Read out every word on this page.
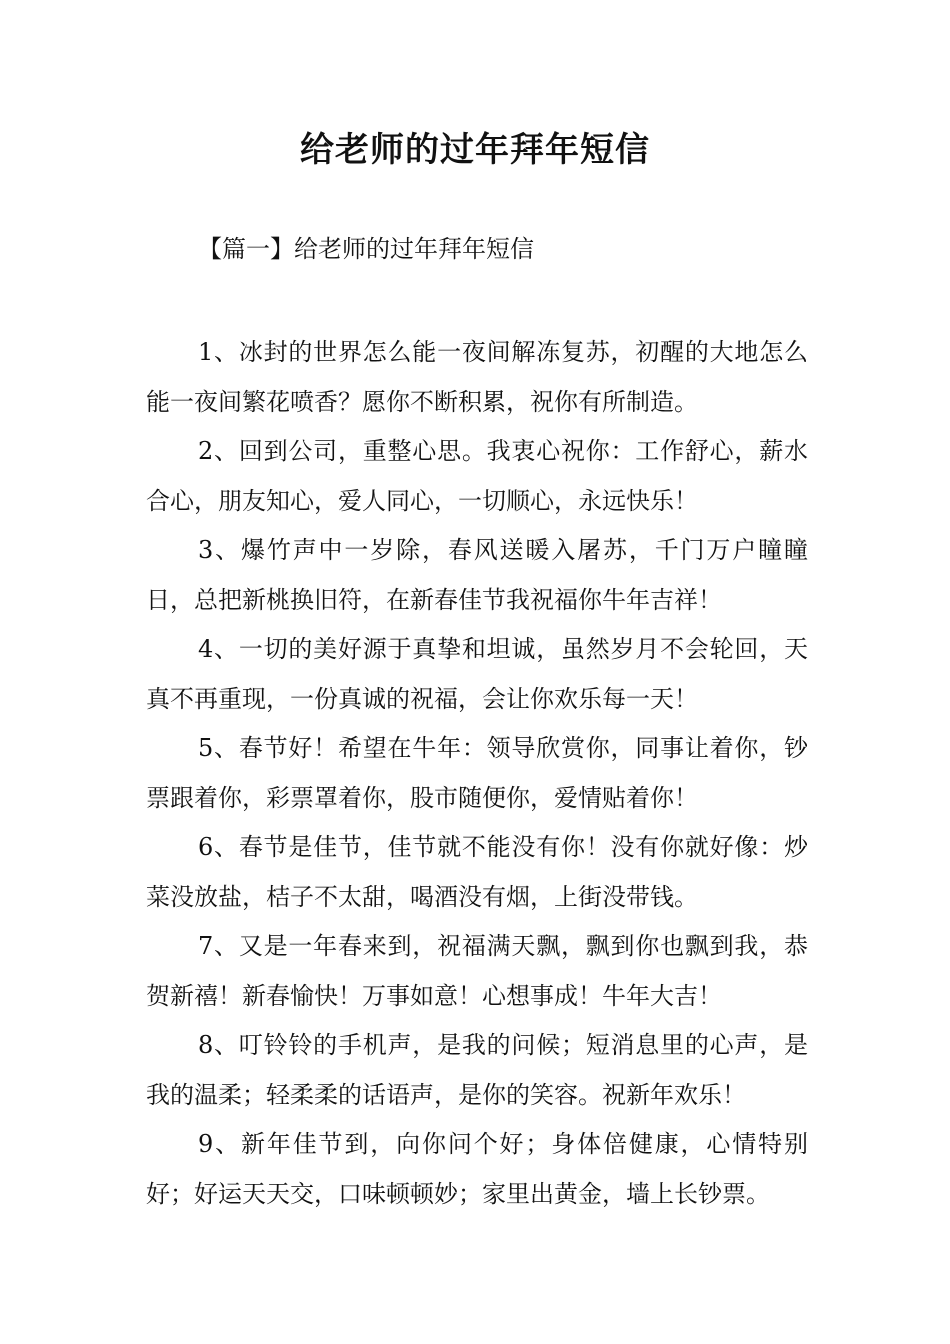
给老师的过年拜年短信
【篇一】给老师的过年拜年短信

1、冰封的世界怎么能一夜间解冻复苏，初醒的大地怎么能一夜间繁花喷香？愿你不断积累，祝你有所制造。

2、回到公司，重整心思。我衷心祝你：工作舒心，薪水合心，朋友知心，爱人同心，一切顺心，永远快乐！

3、爆竹声中一岁除，春风送暖入屠苏，千门万户瞳瞳日，总把新桃换旧符，在新春佳节我祝福你牛年吉祥！

4、一切的美好源于真挚和坦诚，虽然岁月不会轮回，天真不再重现，一份真诚的祝福，会让你欢乐每一天！

5、春节好！希望在牛年：领导欣赏你，同事让着你，钞票跟着你，彩票罩着你，股市随便你，爱情贴着你！

6、春节是佳节，佳节就不能没有你！没有你就好像：炒菜没放盐，桔子不太甜，喝酒没有烟，上街没带钱。

7、又是一年春来到，祝福满天飘，飘到你也飘到我，恭贺新禧！新春愉快！万事如意！心想事成！牛年大吉！

8、叮铃铃的手机声，是我的问候；短消息里的心声，是我的温柔；轻柔柔的话语声，是你的笑容。祝新年欢乐！

9、新年佳节到，向你问个好；身体倍健康，心情特别好；好运天天交，口味顿顿妙；家里出黄金，墙上长钞票。
